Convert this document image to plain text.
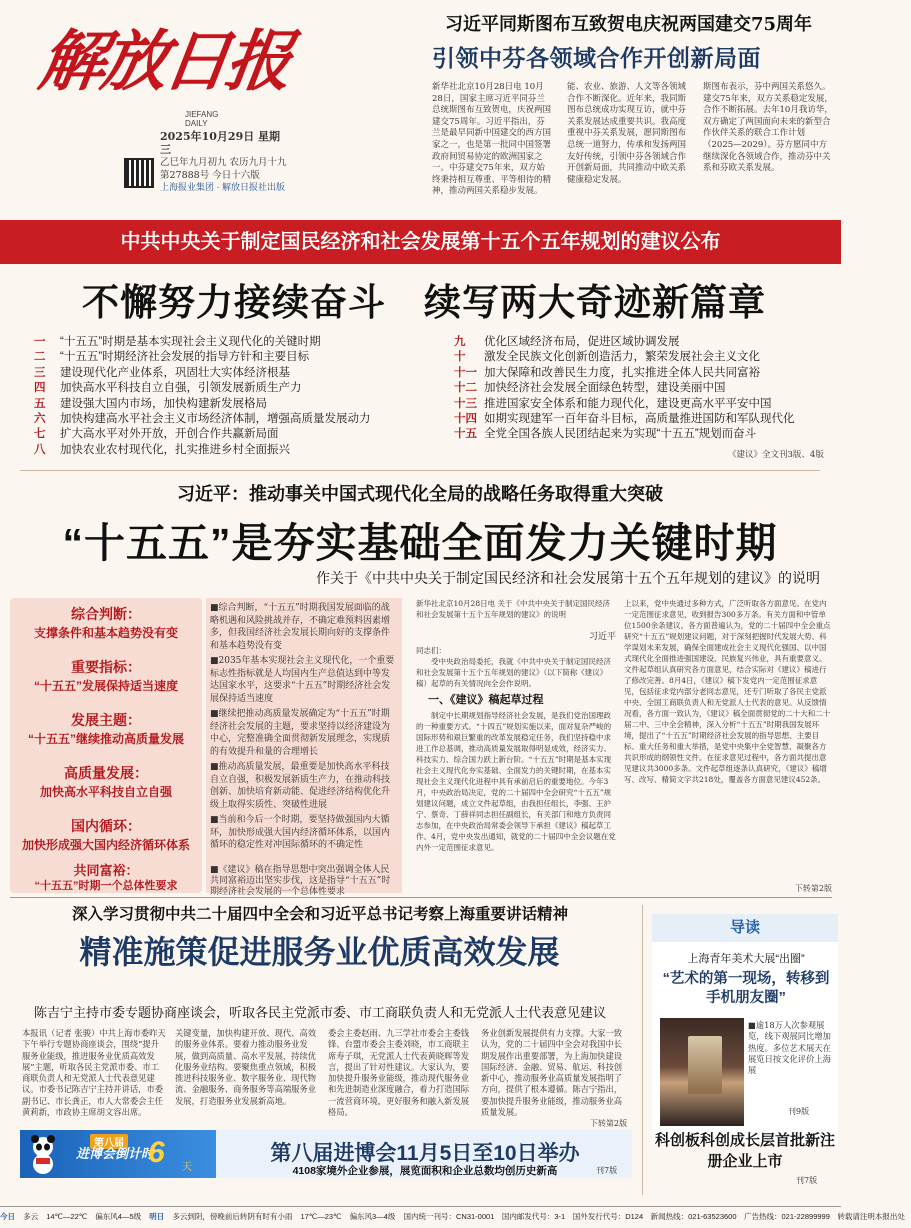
解放日报
JIEFANG DAILY
2025年10月29日 星期三
乙巳年九月初九 农历九月十九
第27888号 今日十六版
上海报业集团 · 解放日报社出版
习近平同斯图布互致贺电庆祝两国建交75周年
引领中芬各领域合作开创新局面
新华社北京10月28日电 10月28日，国家主席习近平同芬兰总统斯图布互致贺电，庆祝两国建交75周年。习近平指出，芬兰是最早同新中国建交的西方国家之一，也是第一批同中国签署政府间贸易协定的欧洲国家之一。中芬建交75年来，双方始终秉持相互尊重、平等相待的精神，推动两国关系稳步发展。
能、农业、旅游、人文等各领域合作不断深化。近年来，我同斯图布总统成功实现互访，就中芬关系发展达成重要共识。我高度重视中芬关系发展，愿同斯图布总统一道努力，传承和发扬两国友好传统，引领中芬各领域合作开创新局面，共同推动中欧关系健康稳定发展。
斯图布表示，芬中两国关系悠久。建交75年来，双方关系稳定发展，合作不断拓展。去年10月我访华，双方确定了两国面向未来的新型合作伙伴关系的联合工作计划（2025—2029）。芬方愿同中方继续深化各领域合作，推动芬中关系和芬欧关系发展。
中共中央关于制定国民经济和社会发展第十五个五年规划的建议公布
不懈努力接续奋斗　续写两大奇迹新篇章
一 “十五五”时期是基本实现社会主义现代化的关键时期
二 “十五五”时期经济社会发展的指导方针和主要目标
三 建设现代化产业体系，巩固壮大实体经济根基
四 加快高水平科技自立自强，引领发展新质生产力
五 建设强大国内市场，加快构建新发展格局
六 加快构建高水平社会主义市场经济体制，增强高质量发展动力
七 扩大高水平对外开放，开创合作共赢新局面
八 加快农业农村现代化，扎实推进乡村全面振兴
九 优化区域经济布局，促进区域协调发展
十 激发全民族文化创新创造活力，繁荣发展社会主义文化
十一 加大保障和改善民生力度，扎实推进全体人民共同富裕
十二 加快经济社会发展全面绿色转型，建设美丽中国
十三 推进国家安全体系和能力现代化，建设更高水平平安中国
十四 如期实现建军一百年奋斗目标，高质量推进国防和军队现代化
十五 全党全国各族人民团结起来为实现“十五五”规划而奋斗
《建议》全文刊3版、4版
习近平：推动事关中国式现代化全局的战略任务取得重大突破
“十五五”是夯实基础全面发力关键时期
作关于《中共中央关于制定国民经济和社会发展第十五个五年规划的建议》的说明
综合判断：
支撑条件和基本趋势没有变
■综合判断，“十五五”时期我国发展面临的战略机遇和风险挑战并存，不确定难预料因素增多，但我国经济社会发展长期向好的支撑条件和基本趋势没有变
重要指标：
“十五五”发展保持适当速度
■2035年基本实现社会主义现代化，一个重要标志性指标就是人均国内生产总值达到中等发达国家水平，这要求“十五五”时期经济社会发展保持适当速度
发展主题：
“十五五”继续推动高质量发展
■继续把推动高质量发展确定为“十五五”时期经济社会发展的主题，要求坚持以经济建设为中心，完整准确全面贯彻新发展理念，实现质的有效提升和量的合理增长
高质量发展：
加快高水平科技自立自强
■推动高质量发展，最重要是加快高水平科技自立自强，积极发展新质生产力，在推动科技创新、加快培育新动能、促进经济结构优化升级上取得实质性、突破性进展
国内循环：
加快形成强大国内经济循环体系
■当前和今后一个时期，要坚持做强国内大循环，加快形成强大国内经济循环体系，以国内循环的稳定性对冲国际循环的不确定性
共同富裕：
“十五五”时期一个总体性要求
■《建议》稿在指导思想中突出强调全体人民共同富裕迈出坚实步伐，这是指导“十五五”时期经济社会发展的一个总体性要求
新华社北京10月28日电 关于《中共中央关于制定国民经济和社会发展第十五个五年规划的建议》的说明
习近平
同志们：
受中央政治局委托，我就《中共中央关于制定国民经济和社会发展第十五个五年规划的建议》（以下简称《建议》稿）起草的有关情况向全会作说明。
一、《建议》稿起草过程
制定中长期规划指导经济社会发展，是我们党治国理政的一种重要方式。“十四五”规划实施以来，面对复杂严峻的国际形势和艰巨繁重的改革发展稳定任务，我们坚持稳中求进工作总基调，推动高质量发展取得明显成效，经济实力、科技实力、综合国力跃上新台阶。“十五五”时期是基本实现社会主义现代化夯实基础、全面发力的关键时期，在基本实现社会主义现代化进程中具有承前启后的重要地位。今年3月，中央政治局决定，党的二十届四中全会研究“十五五”规划建议问题，成立文件起草组，由我担任组长，李强、王沪宁、蔡奇、丁薛祥同志担任副组长，有关部门和地方负责同志参加，在中央政治局常委会领导下承担《建议》稿起草工作。4月，党中央发出通知，就党的二十届四中全会议题在党内外一定范围征求意见。
上以来，党中央通过多种方式，广泛听取各方面意见。在党内一定范围征求意见，收到报告300多万条。有关方面和中管单位1500余条建议。各方面普遍认为，党的二十届四中全会重点研究“十五五”规划建议问题，对于深刻把握时代发展大势、科学谋划未来发展，确保全面建成社会主义现代化强国、以中国式现代化全面推进强国建设、民族复兴伟业，具有重要意义。文件起草组认真研究各方面意见，结合实际对《建议》稿进行了修改完善。8月4日，《建议》稿下发党内一定范围征求意见，包括征求党内部分老同志意见，还专门听取了各民主党派中央、全国工商联负责人和无党派人士代表的意见。从反馈情况看，各方面一致认为，《建议》稿全面贯彻党的二十大和二十届二中、三中全会精神，深入分析“十五五”时期我国发展环境，提出了“十五五”时期经济社会发展的指导思想、主要目标、重大任务和重大举措，是党中央集中全党智慧、凝聚各方共识形成的纲领性文件。在征求意见过程中，各方面共提出意见建议共3000多条。文件起草组逐条认真研究，《建议》稿增写、改写、精简文字共218处，覆盖各方面意见建议452条。
下转第2版
深入学习贯彻中共二十届四中全会和习近平总书记考察上海重要讲话精神
精准施策促进服务业优质高效发展
陈吉宁主持市委专题协商座谈会，听取各民主党派市委、市工商联负责人和无党派人士代表意见建议
本报讯（记者 张骏）中共上海市委昨天下午举行专题协商座谈会，围绕“提升服务业能级，推进服务业优质高效发展”主题，听取各民主党派市委、市工商联负责人和无党派人士代表意见建议。市委书记陈吉宁主持并讲话，市委副书记、市长龚正，市人大常委会主任黄莉新，市政协主席胡文容出席。
关键变量，加快构建开放、现代、高效的服务业体系。要着力推动服务业发展，做到高质量、高水平发展，持续优化服务业结构。要聚焦重点领域，积极推进科技服务业、数字服务业、现代物流、金融服务、商务服务等高端服务业发展，打造服务业发展新高地。
委会主委赵雨、九三学社市委会主委钱锋、台盟市委会主委刘晓，市工商联主席寿子琪，无党派人士代表黄晓辉等发言，提出了针对性建议。大家认为，要加快提升服务业能级，推动现代服务业和先进制造业深度融合，着力打造国际一流营商环境，更好服务和融入新发展格局。
务业创新发展提供有力支撑。大家一致认为，党的二十届四中全会对我国中长期发展作出重要部署，为上海加快建设国际经济、金融、贸易、航运、科技创新中心，推动服务业高质量发展指明了方向，提供了根本遵循。陈吉宁指出，要加快提升服务业能级，推动服务业高质量发展。
下转第2版
导读
上海青年美术大展“出圈”
“艺术的第一现场，转移到手机朋友圈”
■逾18万人次参观展览，线下观展同比增加热度。多位艺术展天在展览日按文化评价上海展
刊9版
科创板科创成长层首批新注册企业上市
刊7版
第八届
进博会倒计时
6 天
第八届进博会11月5日至10日举办
4108家境外企业参展，展览面积和企业总数均创历史新高	刊7版
今日 多云 14℃—22℃ 偏东风4—5级 明日 多云到阴，傍晚前后转阴有时有小雨 17℃—23℃ 偏东风3—4级 国内统一刊号：CN31-0001　国内邮发代号：3-1　国外发行代号：D124　新闻热线：021-63523600　广告热线：021-22899999　转载请注明本报出处
